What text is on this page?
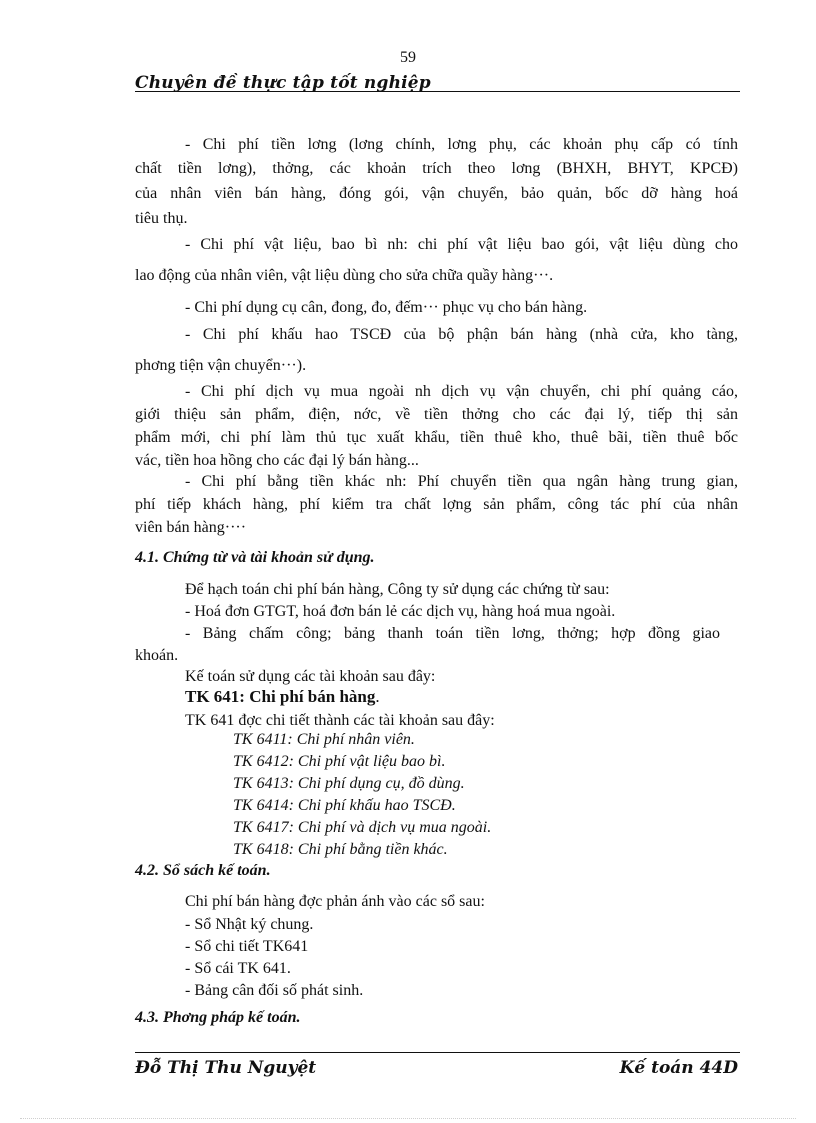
59
Chuyên đề thực tập tốt nghiệp
- Chi phí tiền lơng (lơng chính, lơng phụ, các khoản phụ cấp có tính
chất tiền lơng), thởng, các khoản trích theo lơng (BHXH, BHYT, KPCĐ)
của nhân viên bán hàng, đóng gói, vận chuyển, bảo quản, bốc dỡ hàng hoá
tiêu thụ.
- Chi phí vật liệu, bao bì nh: chi phí vật liệu bao gói, vật liệu dùng cho
lao động của nhân viên, vật liệu dùng cho sửa chữa quầy hàng···.
- Chi phí dụng cụ cân, đong, đo, đếm··· phục vụ cho bán hàng.
- Chi phí khấu hao TSCĐ của bộ phận bán hàng (nhà cửa, kho tàng,
phơng tiện vận chuyển···).
- Chi phí dịch vụ mua ngoài nh dịch vụ vận chuyển, chi phí quảng cáo,
giới thiệu sản phẩm, điện, nớc, về tiền thởng cho các đại lý, tiếp thị sản
phẩm mới, chi phí làm thủ tục xuất khẩu, tiền thuê kho, thuê bãi, tiền thuê bốc
vác, tiền hoa hồng cho các đại lý bán hàng...
- Chi phí bằng tiền khác nh: Phí chuyển tiền qua ngân hàng trung gian,
phí tiếp khách hàng, phí kiểm tra chất lợng sản phẩm, công tác phí của nhân
viên bán hàng····
4.1. Chứng từ và tài khoản sử dụng.
Để hạch toán chi phí bán hàng, Công ty sử dụng các chứng từ sau:
- Hoá đơn GTGT, hoá đơn bán lẻ các dịch vụ, hàng hoá mua ngoài.
- Bảng chấm công; bảng thanh toán tiền lơng, thởng; hợp đồng giao
khoán.
Kế toán sử dụng các tài khoản sau đây:
TK 641: Chi phí bán hàng.
TK 641 đợc chi tiết thành các tài khoản sau đây:
TK 6411: Chi phí nhân viên.
TK 6412: Chi phí vật liệu bao bì.
TK 6413: Chi phí dụng cụ, đồ dùng.
TK 6414: Chi phí khấu hao TSCĐ.
TK 6417: Chi phí và dịch vụ mua ngoài.
TK 6418: Chi phí bằng tiền khác.
4.2. Sổ sách kế toán.
Chi phí bán hàng đợc phản ánh vào các sổ sau:
- Sổ Nhật ký chung.
- Sổ chi tiết TK641
- Sổ cái TK 641.
- Bảng cân đối số phát sinh.
4.3. Phơng pháp kế toán.
Đỗ Thị Thu Nguyệt	Kế toán 44D
